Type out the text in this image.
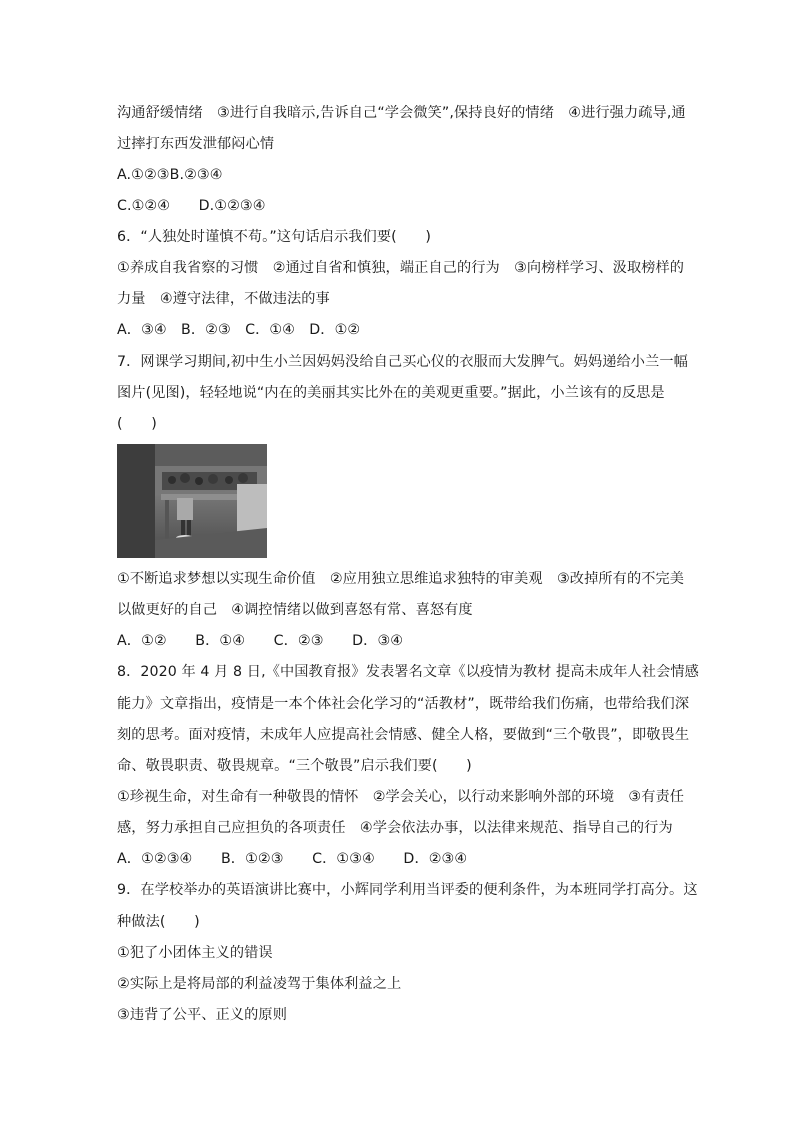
沟通舒缓情绪　③进行自我暗示,告诉自己“学会微笑”,保持良好的情绪　④进行强力疏导,通
过摔打东西发泄郁闷心情
A.①②③B.②③④
C.①②④　　D.①②③④
6．“人独处时谨慎不苟。”这句话启示我们要(　　)
①养成自我省察的习惯　②通过自省和慎独，端正自己的行为　③向榜样学习、汲取榜样的
力量　④遵守法律，不做违法的事
A．③④　B．②③　C．①④　D．①②
7．网课学习期间,初中生小兰因妈妈没给自己买心仪的衣服而大发脾气。妈妈递给小兰一幅
图片(见图)，轻轻地说“内在的美丽其实比外在的美观更重要。”据此，小兰该有的反思是
(　　)
①不断追求梦想以实现生命价值　②应用独立思维追求独特的审美观　③改掉所有的不完美
以做更好的自己　④调控情绪以做到喜怒有常、喜怒有度
A．①②　　B．①④　　C．②③　　D．③④
8．2020 年 4 月 8 日,《中国教育报》发表署名文章《以疫情为教材 提高未成年人社会情感
能力》文章指出，疫情是一本个体社会化学习的“活教材”，既带给我们伤痛，也带给我们深
刻的思考。面对疫情，未成年人应提高社会情感、健全人格，要做到“三个敬畏”，即敬畏生
命、敬畏职责、敬畏规章。“三个敬畏”启示我们要(　　)
①珍视生命，对生命有一种敬畏的情怀　②学会关心，以行动来影响外部的环境　③有责任
感，努力承担自己应担负的各项责任　④学会依法办事，以法律来规范、指导自己的行为
A．①②③④　　B．①②③　　C．①③④　　D．②③④
9．在学校举办的英语演讲比赛中，小辉同学利用当评委的便利条件，为本班同学打高分。这
种做法(　　)
①犯了小团体主义的错误
②实际上是将局部的利益凌驾于集体利益之上
③违背了公平、正义的原则
